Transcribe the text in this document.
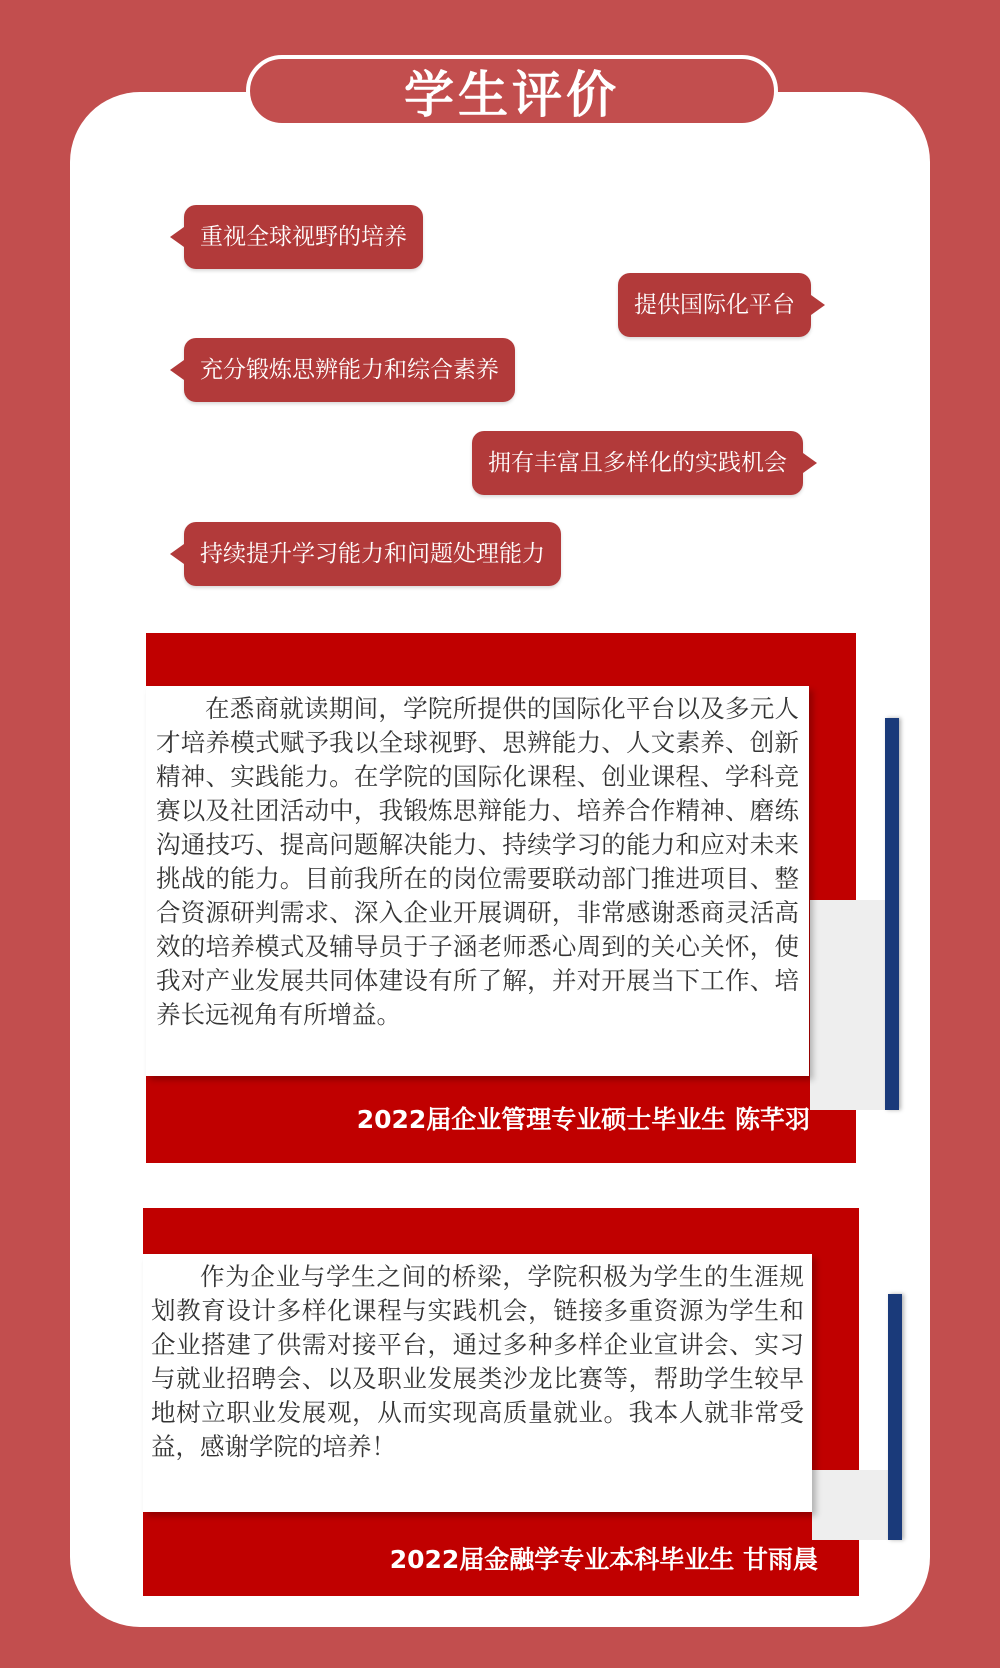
学生评价
重视全球视野的培养
提供国际化平台
充分锻炼思辨能力和综合素养
拥有丰富且多样化的实践机会
持续提升学习能力和问题处理能力

在悉商就读期间，学院所提供的国际化平台以及多元人才培养模式赋予我以全球视野、思辨能力、人文素养、创新精神、实践能力。在学院的国际化课程、创业课程、学科竞赛以及社团活动中，我锻炼思辩能力、培养合作精神、磨练沟通技巧、提高问题解决能力、持续学习的能力和应对未来挑战的能力。目前我所在的岗位需要联动部门推进项目、整合资源研判需求、深入企业开展调研，非常感谢悉商灵活高效的培养模式及辅导员于子涵老师悉心周到的关心关怀，使我对产业发展共同体建设有所了解，并对开展当下工作、培养长远视角有所增益。

2022届企业管理专业硕士毕业生 陈芊羽

作为企业与学生之间的桥梁，学院积极为学生的生涯规划教育设计多样化课程与实践机会，链接多重资源为学生和企业搭建了供需对接平台，通过多种多样企业宣讲会、实习与就业招聘会、以及职业发展类沙龙比赛等，帮助学生较早地树立职业发展观，从而实现高质量就业。我本人就非常受益，感谢学院的培养！

2022届金融学专业本科毕业生 甘雨晨
